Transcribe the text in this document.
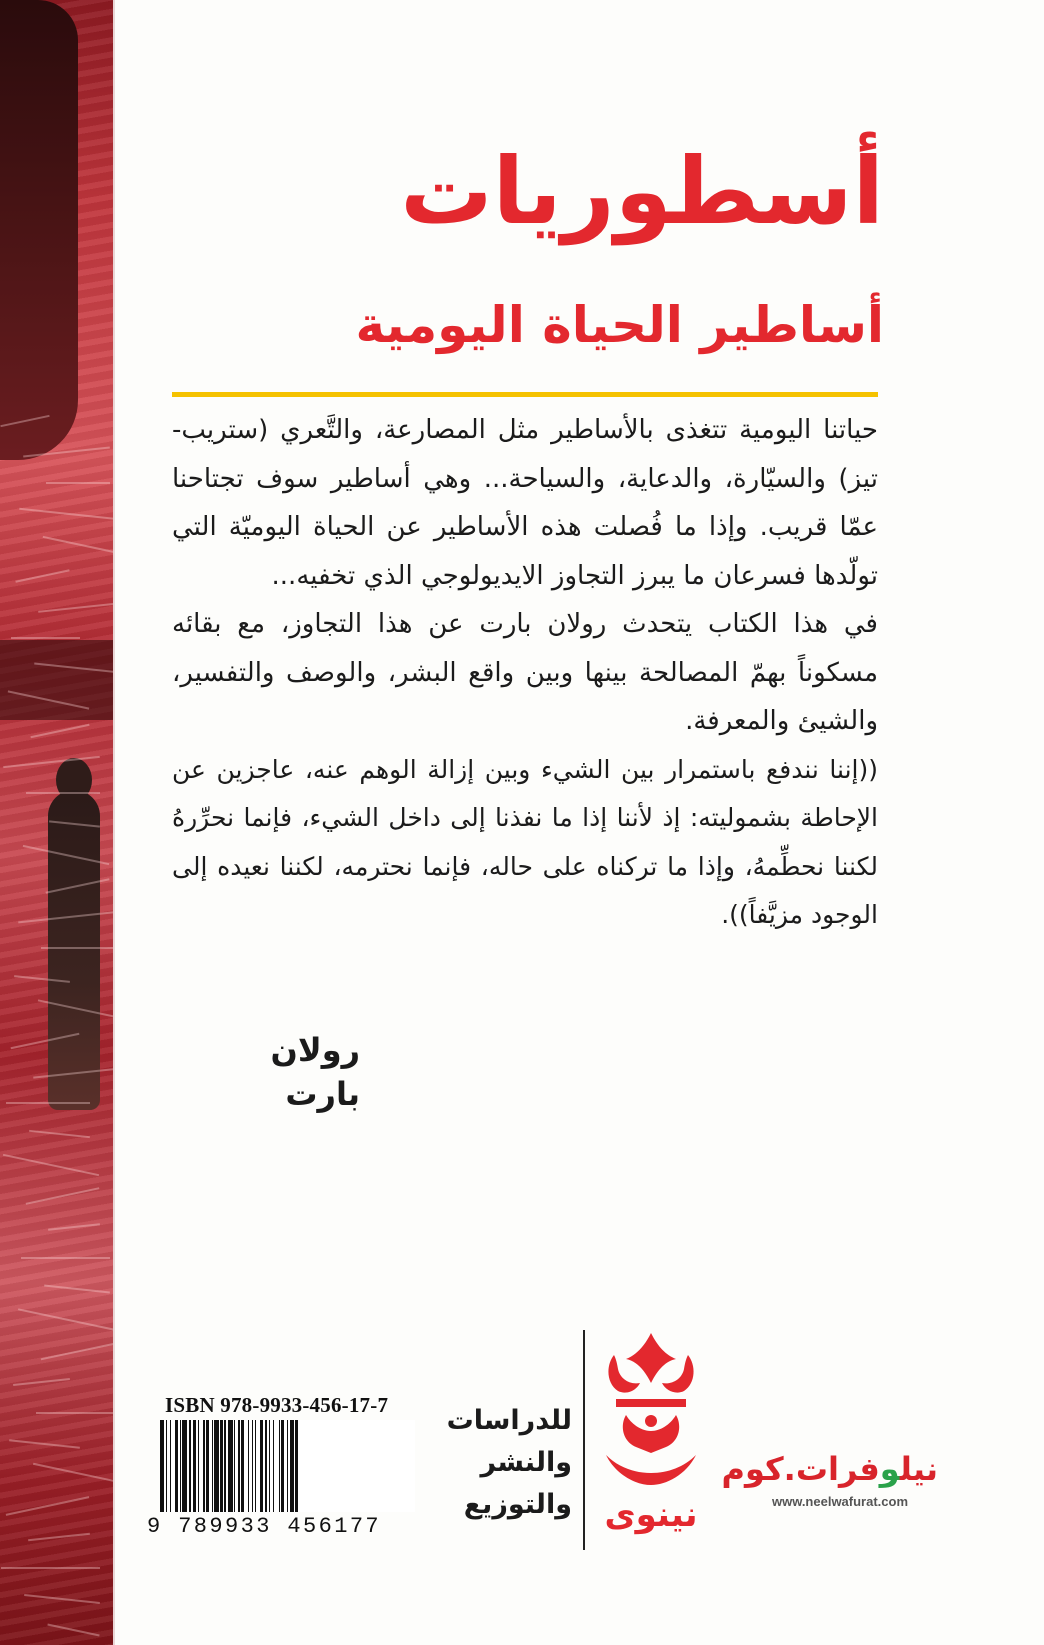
أسطوريات
أساطير الحياة اليومية

حياتنا اليومية تتغذى بالأساطير مثل المصارعة، والتَّعري (ستريب- تيز) والسيّارة، والدعاية، والسياحة... وهي أساطير سوف تجتاحنا عمّا قريب. وإذا ما فُصلت هذه الأساطير عن الحياة اليوميّة التي تولّدها فسرعان ما يبرز التجاوز الايديولوجي الذي تخفيه...

في هذا الكتاب يتحدث رولان بارت عن هذا التجاوز، مع بقائه مسكوناً بهمّ المصالحة بينها وبين واقع البشر، والوصف والتفسير، والشيئ والمعرفة.

((إننا نندفع باستمرار بين الشيء وبين إزالة الوهم عنه، عاجزين عن الإحاطة بشموليته: إذ لأننا إذا ما نفذنا إلى داخل الشيء، فإنما نحرِّرهُ لكننا نحطِّمهُ، وإذا ما تركناه على حاله، فإنما نحترمه، لكننا نعيده إلى الوجود مزيَّفاً)).

رولان بارت
ISBN 978-9933-456-17-7
9 789933 456177
للدراسات
والنشر
والتوزيع نينوى
نيلوفرات.كوم
www.neelwafurat.com
